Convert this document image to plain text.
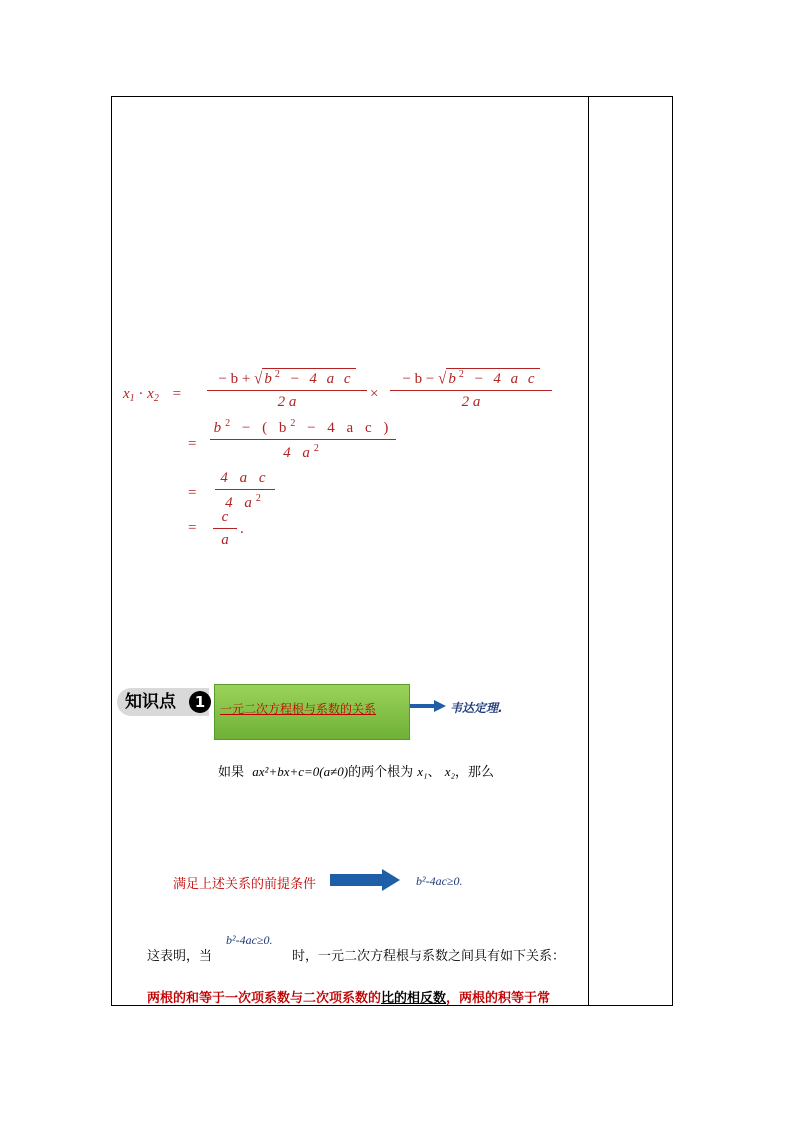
$x_1 \cdot x_2$ =
− b + √ $b^2 - 4$ a c
2 a	×
− b − √ $b^2 - 4$ a c
2 a
=
$b^2$ − ( $b^2 - 4$ a c )
4 $a^2$
=
4 a c
4 $a^2$
=
c
a
.
知识点	1	一元二次方程根与系数的关系	韦达定理.
如果 ax²+bx+c=0(a≠0)的两个根为 x₁、 x₂，那么
满足上述关系的前提条件	b²-4ac≥0.
这表明，当
b²-4ac≥0.
时，一元二次方程根与系数之间具有如下关系：
两根的和等于一次项系数与二次项系数的比的相反数，两根的积等于常
